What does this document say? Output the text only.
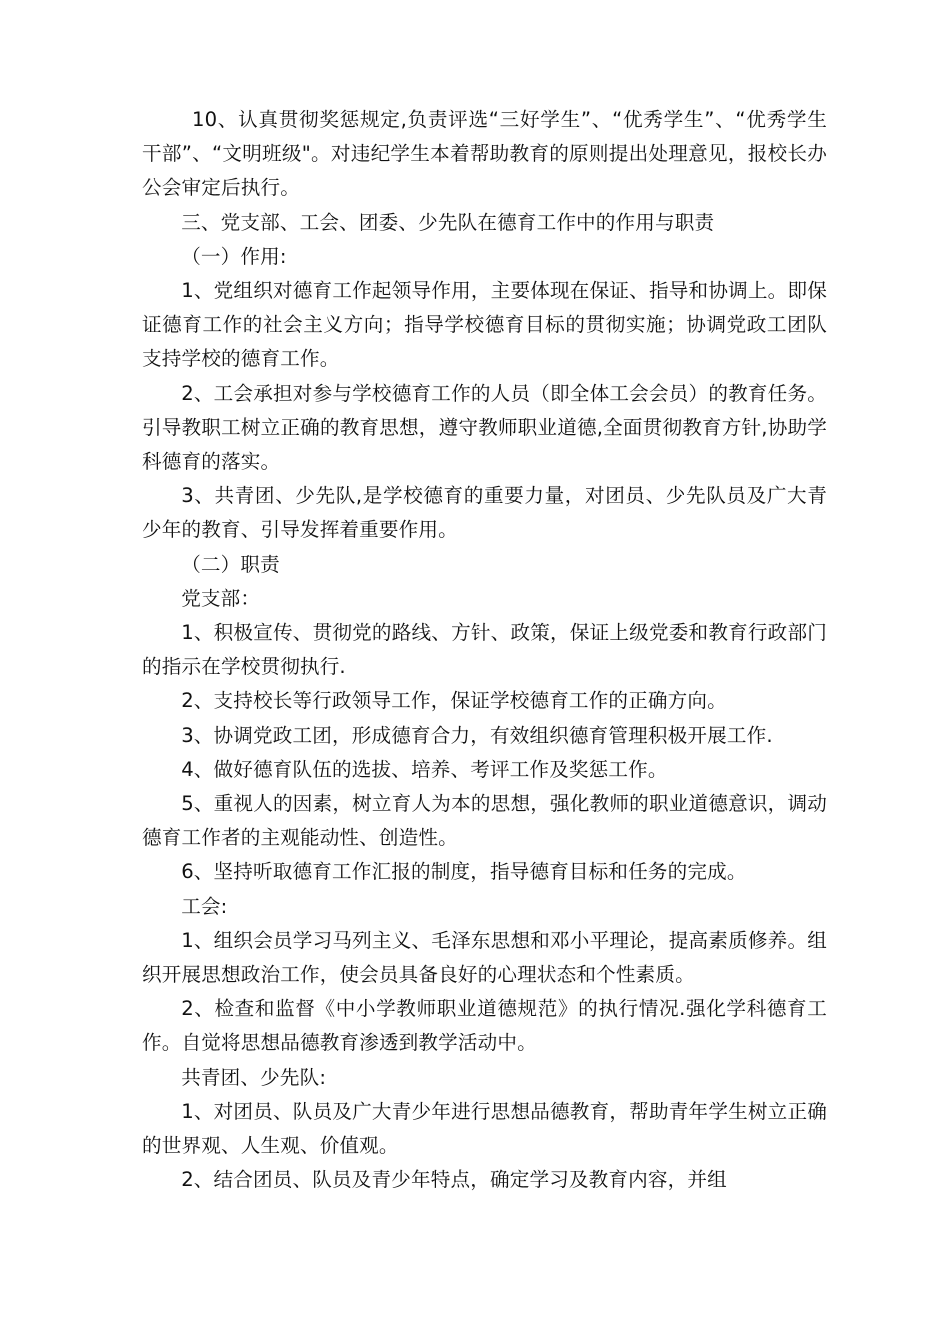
10、认真贯彻奖惩规定,负责评选“三好学生”、“优秀学生”、“优秀学生干部”、“文明班级"。对违纪学生本着帮助教育的原则提出处理意见，报校长办公会审定后执行。

三、党支部、工会、团委、少先队在德育工作中的作用与职责

（一）作用:

1、党组织对德育工作起领导作用，主要体现在保证、指导和协调上。即保证德育工作的社会主义方向；指导学校德育目标的贯彻实施；协调党政工团队支持学校的德育工作。

2、工会承担对参与学校德育工作的人员（即全体工会会员）的教育任务。引导教职工树立正确的教育思想，遵守教师职业道德,全面贯彻教育方针,协助学科德育的落实。

3、共青团、少先队,是学校德育的重要力量，对团员、少先队员及广大青少年的教育、引导发挥着重要作用。

（二）职责

党支部：

1、积极宣传、贯彻党的路线、方针、政策，保证上级党委和教育行政部门的指示在学校贯彻执行.

2、支持校长等行政领导工作，保证学校德育工作的正确方向。

3、协调党政工团，形成德育合力，有效组织德育管理积极开展工作.

4、做好德育队伍的选拔、培养、考评工作及奖惩工作。

5、重视人的因素，树立育人为本的思想，强化教师的职业道德意识，调动德育工作者的主观能动性、创造性。

6、坚持听取德育工作汇报的制度，指导德育目标和任务的完成。

工会:

1、组织会员学习马列主义、毛泽东思想和邓小平理论，提高素质修养。组织开展思想政治工作，使会员具备良好的心理状态和个性素质。

2、检查和监督《中小学教师职业道德规范》的执行情况.强化学科德育工作。自觉将思想品德教育渗透到教学活动中。

共青团、少先队:

1、对团员、队员及广大青少年进行思想品德教育，帮助青年学生树立正确的世界观、人生观、价值观。

2、结合团员、队员及青少年特点，确定学习及教育内容，并组
